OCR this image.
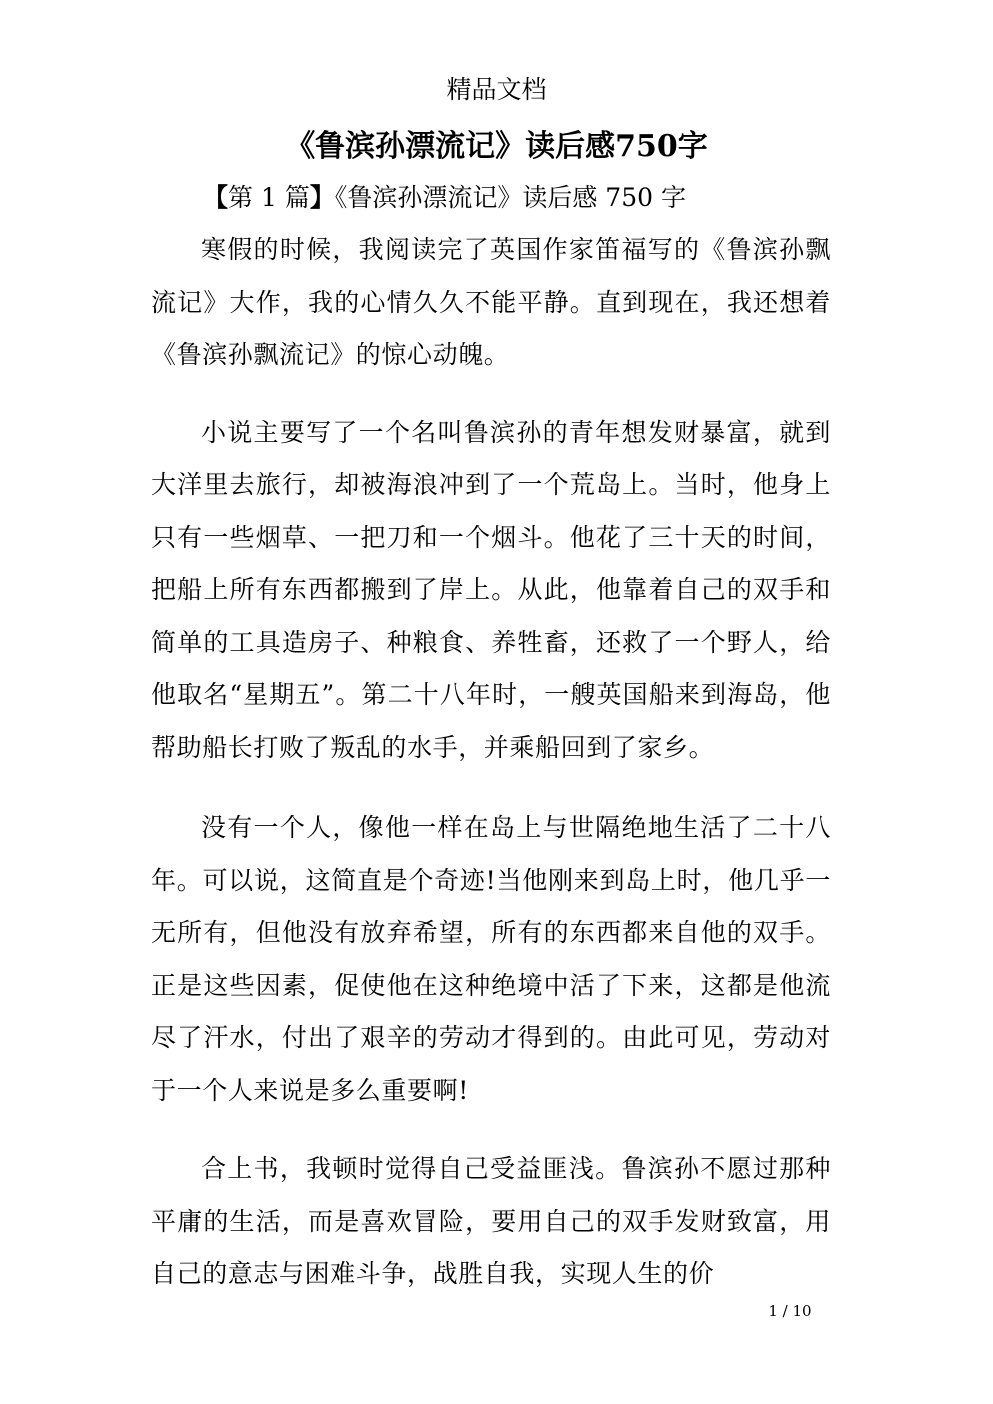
精品文档
《鲁滨孙漂流记》读后感750字
【第 1 篇】《鲁滨孙漂流记》读后感 750 字

寒假的时候，我阅读完了英国作家笛福写的《鲁滨孙飘流记》大作，我的心情久久不能平静。直到现在，我还想着《鲁滨孙飘流记》的惊心动魄。

小说主要写了一个名叫鲁滨孙的青年想发财暴富，就到大洋里去旅行，却被海浪冲到了一个荒岛上。当时，他身上只有一些烟草、一把刀和一个烟斗。他花了三十天的时间，把船上所有东西都搬到了岸上。从此，他靠着自己的双手和简单的工具造房子、种粮食、养牲畜，还救了一个野人，给他取名“星期五”。第二十八年时，一艘英国船来到海岛，他帮助船长打败了叛乱的水手，并乘船回到了家乡。

没有一个人，像他一样在岛上与世隔绝地生活了二十八年。可以说，这简直是个奇迹!当他刚来到岛上时，他几乎一无所有，但他没有放弃希望，所有的东西都来自他的双手。正是这些因素，促使他在这种绝境中活了下来，这都是他流尽了汗水，付出了艰辛的劳动才得到的。由此可见，劳动对于一个人来说是多么重要啊!

合上书，我顿时觉得自己受益匪浅。鲁滨孙不愿过那种平庸的生活，而是喜欢冒险，要用自己的双手发财致富，用自己的意志与困难斗争，战胜自我，实现人生的价

1 / 10
